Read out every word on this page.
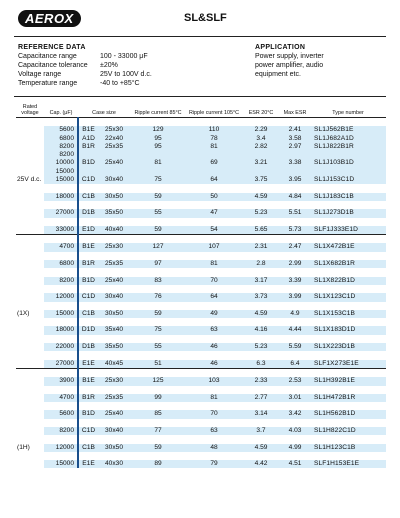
AEROX	SL&SLF
REFERENCE DATA
Capacitance range	100 - 33000 μF
Capacitance tolerance	±20%
Voltage range	25V to 100V d.c.
Temperature range	-40 to +85°C
APPLICATION
Power supply, inverter
power amplifier, audio
equipment etc.
Rated voltage	Cap. (μF)	Case size		Ripple current 85°C	Ripple current 105°C	ESR 20°C	Max ESR	Type number

	5600	B1E	25x30	129	110	2.29	2.41	SL1J562B1E
	6800	A1D	22x40	95	78	3.4	3.58	SL1J682A1D
	8200	B1R	25x35	95	81	2.82	2.97	SL1J822B1R
	8200							
	10000	B1D	25x40	81	69	3.21	3.38	SL1J103B1D
	15000							
25V d.c.	15000	C1D	30x40	75	64	3.75	3.95	SL1J153C1D

	18000	C1B	30x50	59	50	4.59	4.84	SL1J183C1B

	27000	D1B	35x50	55	47	5.23	5.51	SL1J273D1B

	33000	E1D	40x40	59	54	5.65	5.73	SLF1J333E1D

	4700	B1E	25x30	127	107	2.31	2.47	SL1X472B1E

	6800	B1R	25x35	97	81	2.8	2.99	SL1X682B1R

	8200	B1D	25x40	83	70	3.17	3.39	SL1X822B1D

	12000	C1D	30x40	76	64	3.73	3.99	SL1X123C1D

(1X)	15000	C1B	30x50	59	49	4.59	4.9	SL1X153C1B

	18000	D1D	35x40	75	63	4.16	4.44	SL1X183D1D

	22000	D1B	35x50	55	46	5.23	5.59	SL1X223D1B

	27000	E1E	40x45	51	46	6.3	6.4	SLF1X273E1E

	3900	B1E	25x30	125	103	2.33	2.53	SL1H392B1E

	4700	B1R	25x35	99	81	2.77	3.01	SL1H472B1R

	5600	B1D	25x40	85	70	3.14	3.42	SL1H562B1D

	8200	C1D	30x40	77	63	3.7	4.03	SL1H822C1D

(1H)	12000	C1B	30x50	59	48	4.59	4.99	SL1H123C1B

	15000	E1E	40x30	89	79	4.42	4.51	SLF1H153E1E
